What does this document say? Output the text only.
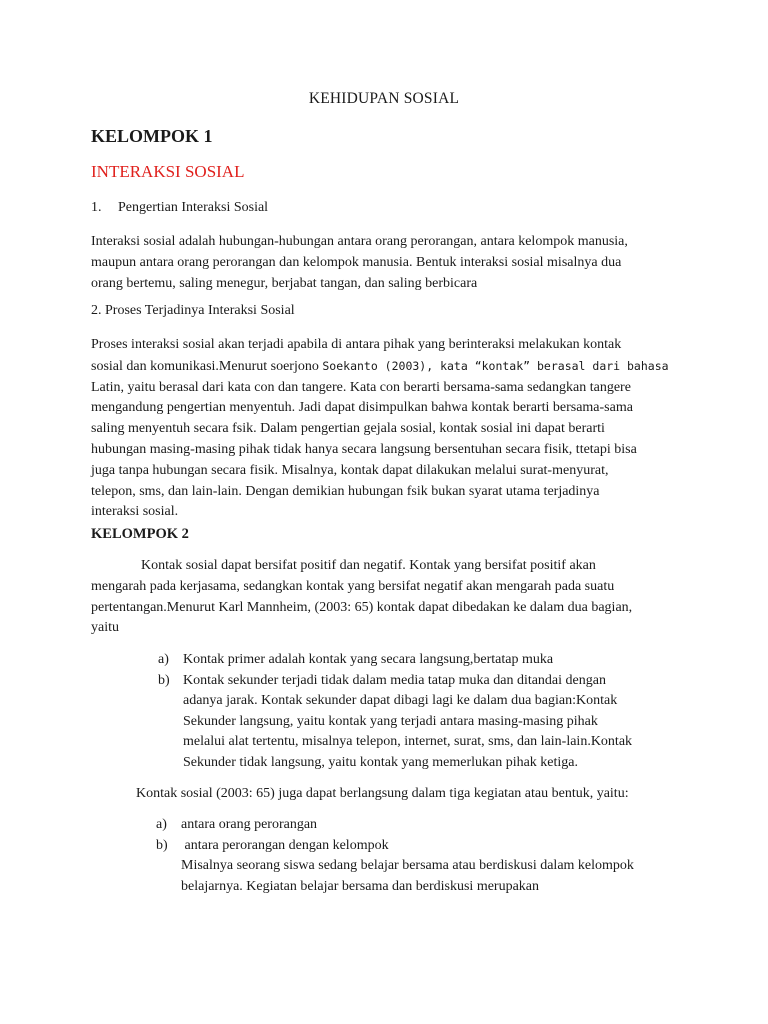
KEHIDUPAN SOSIAL
KELOMPOK 1
INTERAKSI SOSIAL
1. Pengertian Interaksi Sosial
Interaksi sosial adalah hubungan-hubungan antara orang perorangan, antara kelompok manusia,
maupun antara orang perorangan dan kelompok manusia. Bentuk interaksi sosial misalnya dua
orang bertemu, saling menegur, berjabat tangan, dan saling berbicara
2. Proses Terjadinya Interaksi Sosial
Proses interaksi sosial akan terjadi apabila di antara pihak yang berinteraksi melakukan kontak
sosial dan komunikasi.Menurut soerjono Soekanto (2003), kata “kontak” berasal dari bahasa
Latin, yaitu berasal dari kata con dan tangere. Kata con berarti bersama-sama sedangkan tangere
mengandung pengertian menyentuh. Jadi dapat disimpulkan bahwa kontak berarti bersama-sama
saling menyentuh secara fsik. Dalam pengertian gejala sosial, kontak sosial ini dapat berarti
hubungan masing-masing pihak tidak hanya secara langsung bersentuhan secara fisik, ttetapi bisa
juga tanpa hubungan secara fisik. Misalnya, kontak dapat dilakukan melalui surat-menyurat,
telepon, sms, dan lain-lain. Dengan demikian hubungan fsik bukan syarat utama terjadinya
interaksi sosial.
KELOMPOK 2
Kontak sosial dapat bersifat positif dan negatif. Kontak yang bersifat positif akan
mengarah pada kerjasama, sedangkan kontak yang bersifat negatif akan mengarah pada suatu
pertentangan.Menurut Karl Mannheim, (2003: 65) kontak dapat dibedakan ke dalam dua bagian,
yaitu
a) Kontak primer adalah kontak yang secara langsung,bertatap muka
b) Kontak sekunder terjadi tidak dalam media tatap muka dan ditandai dengan
adanya jarak. Kontak sekunder dapat dibagi lagi ke dalam dua bagian:Kontak
Sekunder langsung, yaitu kontak yang terjadi antara masing-masing pihak
melalui alat tertentu, misalnya telepon, internet, surat, sms, dan lain-lain.Kontak
Sekunder tidak langsung, yaitu kontak yang memerlukan pihak ketiga.
Kontak sosial (2003: 65) juga dapat berlangsung dalam tiga kegiatan atau bentuk, yaitu:
a) antara orang perorangan
b) antara perorangan dengan kelompok
Misalnya seorang siswa sedang belajar bersama atau berdiskusi dalam kelompok
belajarnya. Kegiatan belajar bersama dan berdiskusi merupakan
